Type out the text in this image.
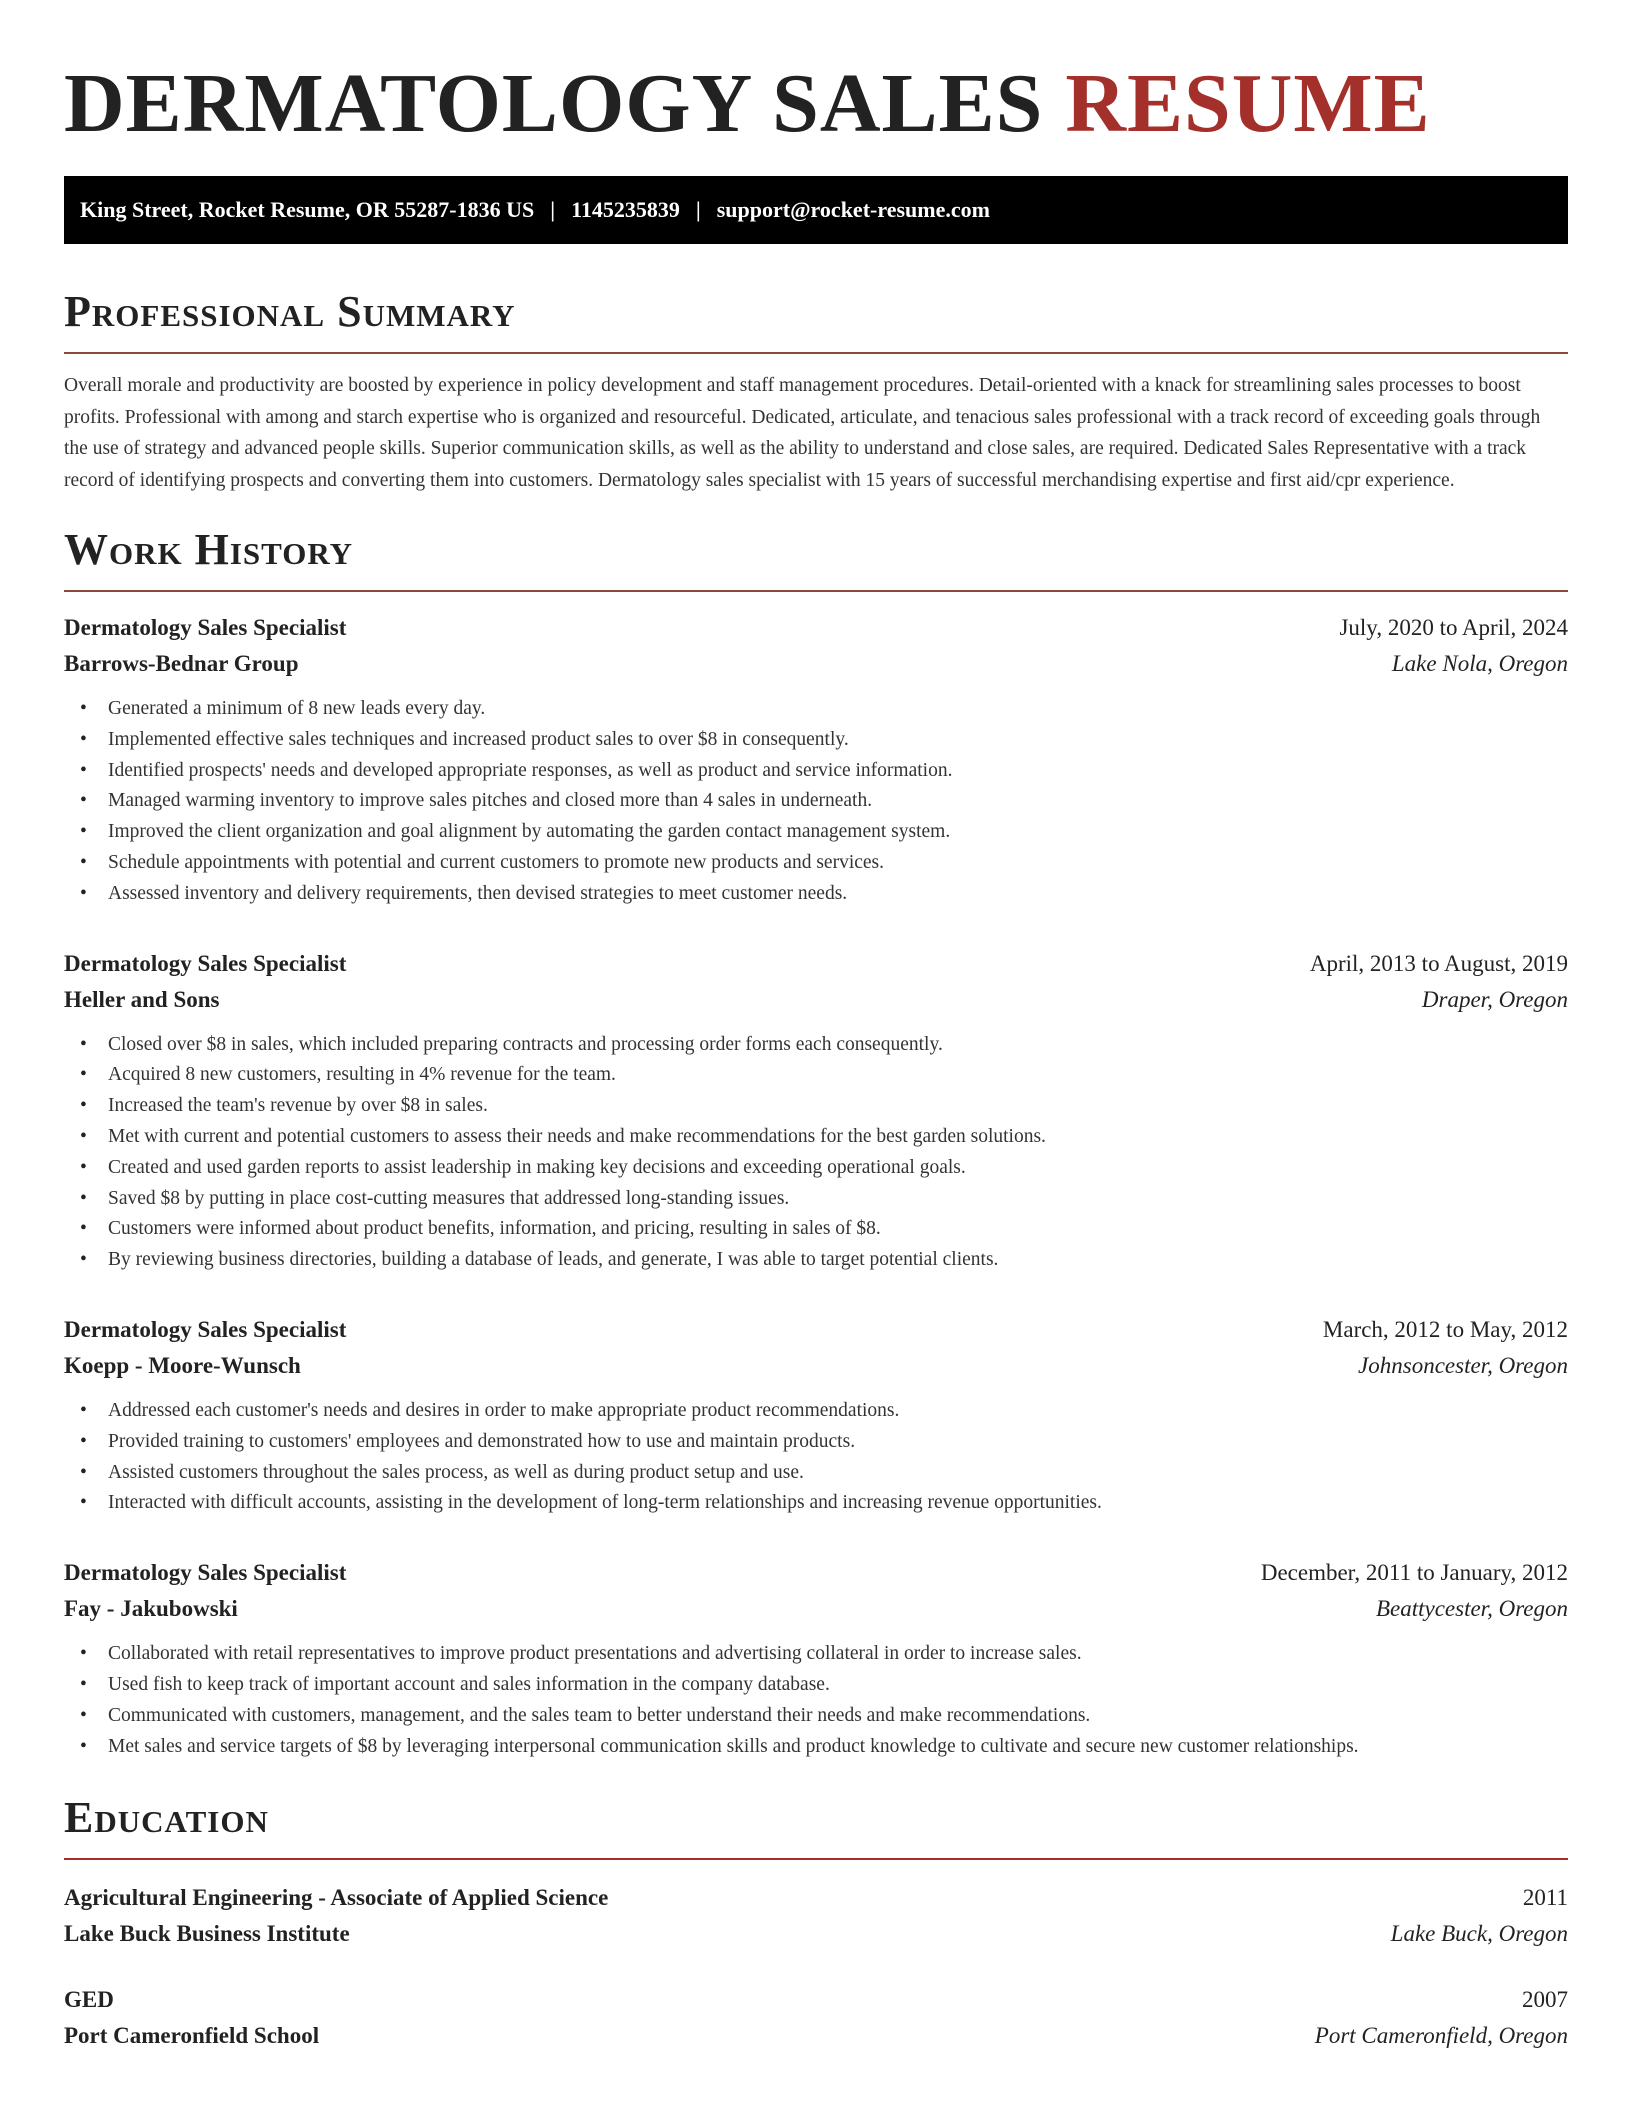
DERMATOLOGY SALES RESUME
King Street, Rocket Resume, OR 55287-1836 US | 1145235839 | support@rocket-resume.com
Professional Summary

Overall morale and productivity are boosted by experience in policy development and staff management procedures. Detail-oriented with a knack for streamlining sales processes to boost profits. Professional with among and starch expertise who is organized and resourceful. Dedicated, articulate, and tenacious sales professional with a track record of exceeding goals through the use of strategy and advanced people skills. Superior communication skills, as well as the ability to understand and close sales, are required. Dedicated Sales Representative with a track record of identifying prospects and converting them into customers. Dermatology sales specialist with 15 years of successful merchandising expertise and first aid/cpr experience.

Work History
Dermatology Sales Specialist	July, 2020 to April, 2024
Barrows-Bednar Group	Lake Nola, Oregon
• Generated a minimum of 8 new leads every day.
• Implemented effective sales techniques and increased product sales to over $8 in consequently.
• Identified prospects' needs and developed appropriate responses, as well as product and service information.
• Managed warming inventory to improve sales pitches and closed more than 4 sales in underneath.
• Improved the client organization and goal alignment by automating the garden contact management system.
• Schedule appointments with potential and current customers to promote new products and services.
• Assessed inventory and delivery requirements, then devised strategies to meet customer needs.
Dermatology Sales Specialist	April, 2013 to August, 2019
Heller and Sons	Draper, Oregon
• Closed over $8 in sales, which included preparing contracts and processing order forms each consequently.
• Acquired 8 new customers, resulting in 4% revenue for the team.
• Increased the team's revenue by over $8 in sales.
• Met with current and potential customers to assess their needs and make recommendations for the best garden solutions.
• Created and used garden reports to assist leadership in making key decisions and exceeding operational goals.
• Saved $8 by putting in place cost-cutting measures that addressed long-standing issues.
• Customers were informed about product benefits, information, and pricing, resulting in sales of $8.
• By reviewing business directories, building a database of leads, and generate, I was able to target potential clients.
Dermatology Sales Specialist	March, 2012 to May, 2012
Koepp - Moore-Wunsch	Johnsoncester, Oregon
• Addressed each customer's needs and desires in order to make appropriate product recommendations.
• Provided training to customers' employees and demonstrated how to use and maintain products.
• Assisted customers throughout the sales process, as well as during product setup and use.
• Interacted with difficult accounts, assisting in the development of long-term relationships and increasing revenue opportunities.
Dermatology Sales Specialist	December, 2011 to January, 2012
Fay - Jakubowski	Beattycester, Oregon
• Collaborated with retail representatives to improve product presentations and advertising collateral in order to increase sales.
• Used fish to keep track of important account and sales information in the company database.
• Communicated with customers, management, and the sales team to better understand their needs and make recommendations.
• Met sales and service targets of $8 by leveraging interpersonal communication skills and product knowledge to cultivate and secure new customer relationships.
Education
Agricultural Engineering - Associate of Applied Science	2011
Lake Buck Business Institute	Lake Buck, Oregon
GED	2007
Port Cameronfield School	Port Cameronfield, Oregon
